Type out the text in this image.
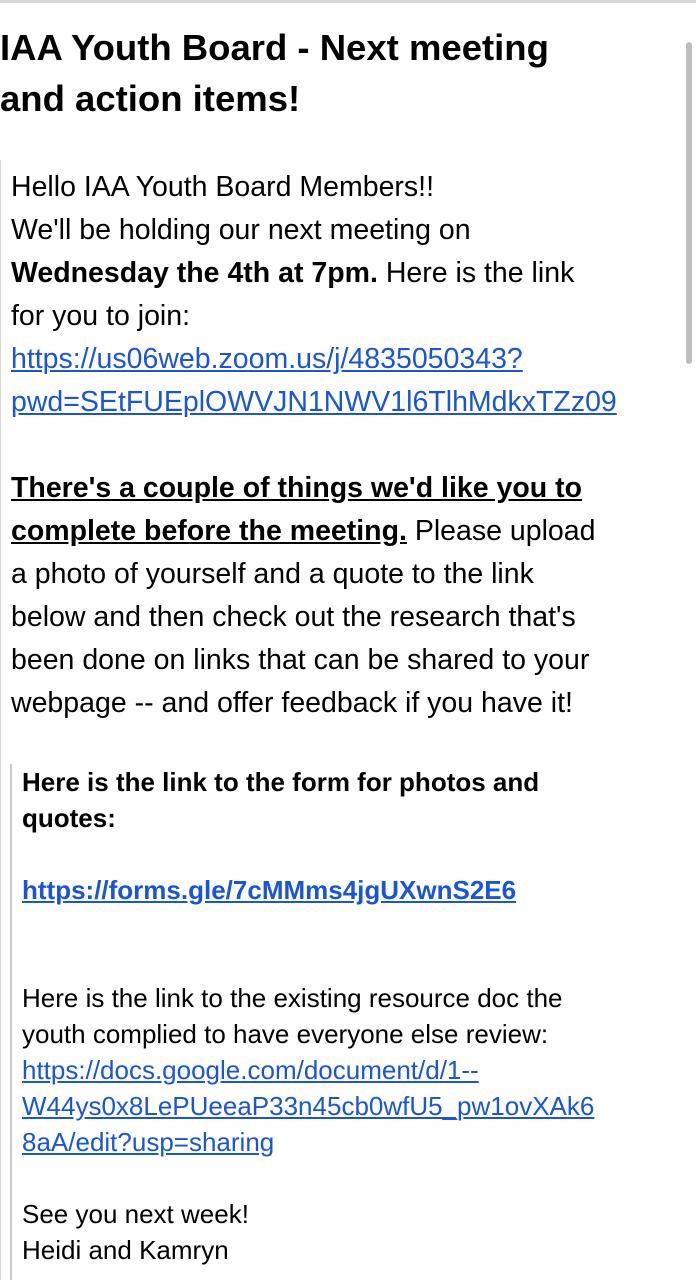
IAA Youth Board - Next meeting
and action items!

Hello IAA Youth Board Members!!

We'll be holding our next meeting on

Wednesday the 4th at 7pm. Here is the link

for you to join:

https://us06web.zoom.us/j/4835050343?
pwd=SEtFUEplOWVJN1NWV1l6TlhMdkxTZz09

There's a couple of things we'd like you to

complete before the meeting. Please upload

a photo of yourself and a quote to the link

below and then check out the research that's

been done on links that can be shared to your

webpage -- and offer feedback if you have it!

Here is the link to the form for photos and

quotes:

https://forms.gle/7cMMms4jgUXwnS2E6

Here is the link to the existing resource doc the

youth complied to have everyone else review:

https://docs.google.com/document/d/1--
W44ys0x8LePUeeaP33n45cb0wfU5_pw1ovXAk6
8aA/edit?usp=sharing

See you next week!

Heidi and Kamryn
